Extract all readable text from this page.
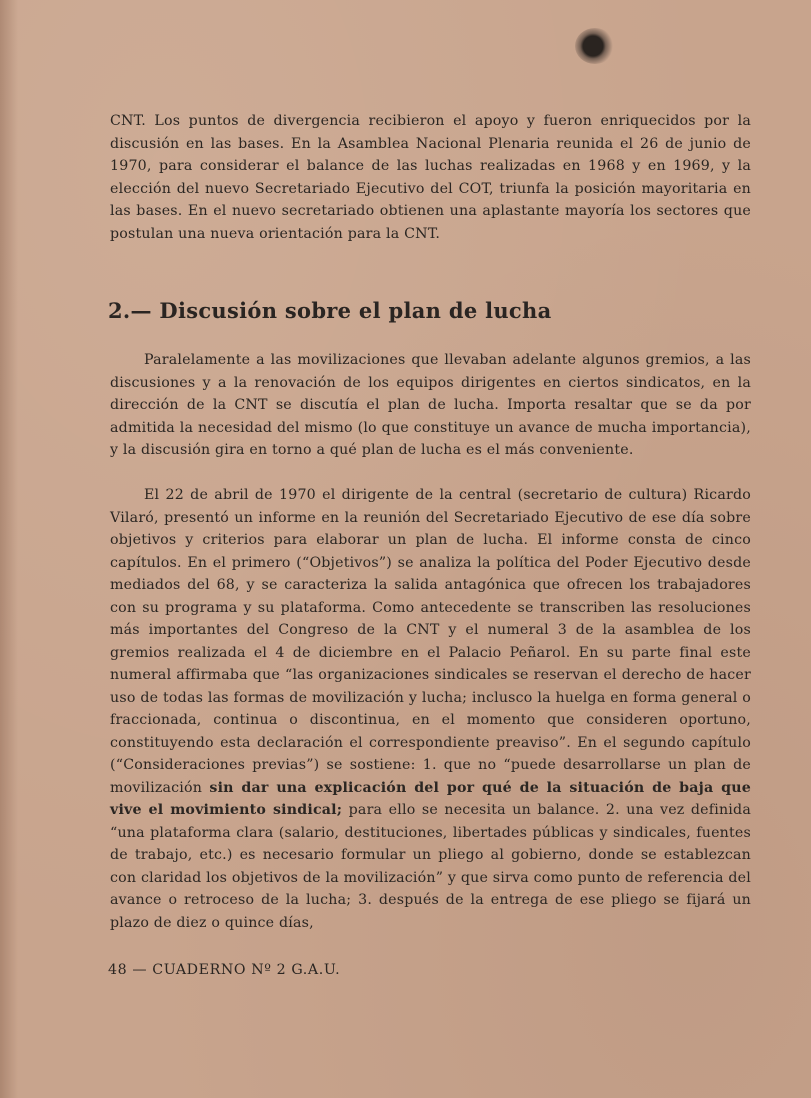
CNT. Los puntos de divergencia recibieron el apoyo y fueron enriquecidos por la discusión en las bases. En la Asamblea Nacional Plenaria reunida el 26 de junio de 1970, para considerar el balance de las luchas realizadas en 1968 y en 1969, y la elección del nuevo Secretariado Ejecutivo del COT, triunfa la posición mayoritaria en las bases. En el nuevo secretariado obtienen una aplastante mayoría los sectores que postulan una nueva orientación para la CNT.

2.— Discusión sobre el plan de lucha

Paralelamente a las movilizaciones que llevaban adelante algunos gremios, a las discusiones y a la renovación de los equipos dirigentes en ciertos sindicatos, en la dirección de la CNT se discutía el plan de lucha. Importa resaltar que se da por admitida la necesidad del mismo (lo que constituye un avance de mucha importancia), y la discusión gira en torno a qué plan de lucha es el más conveniente.

El 22 de abril de 1970 el dirigente de la central (secretario de cultura) Ricardo Vilaró, presentó un informe en la reunión del Secretariado Ejecutivo de ese día sobre objetivos y criterios para elaborar un plan de lucha. El informe consta de cinco capítulos. En el primero (“Objetivos”) se analiza la política del Poder Ejecutivo desde mediados del 68, y se caracteriza la salida antagónica que ofrecen los trabajadores con su programa y su plataforma. Como antecedente se transcriben las resoluciones más importantes del Congreso de la CNT y el numeral 3 de la asamblea de los gremios realizada el 4 de diciembre en el Palacio Peñarol. En su parte final este numeral affirmaba que “las organizaciones sindicales se reservan el derecho de hacer uso de todas las formas de movilización y lucha; inclusco la huelga en forma general o fraccionada, continua o discontinua, en el momento que consideren oportuno, constituyendo esta declaración el correspondiente preaviso”. En el segundo capítulo (“Consideraciones previas”) se sostiene: 1. que no “puede desarrollarse un plan de movilización sin dar una explicación del por qué de la situación de baja que vive el movimiento sindical; para ello se necesita un balance. 2. una vez definida “una plataforma clara (salario, destituciones, libertades públicas y sindicales, fuentes de trabajo, etc.) es necesario formular un pliego al gobierno, donde se establezcan con claridad los objetivos de la movilización” y que sirva como punto de referencia del avance o retroceso de la lucha; 3. después de la entrega de ese pliego se fijará un plazo de diez o quince días,

48 — CUADERNO Nº 2 G.A.U.
